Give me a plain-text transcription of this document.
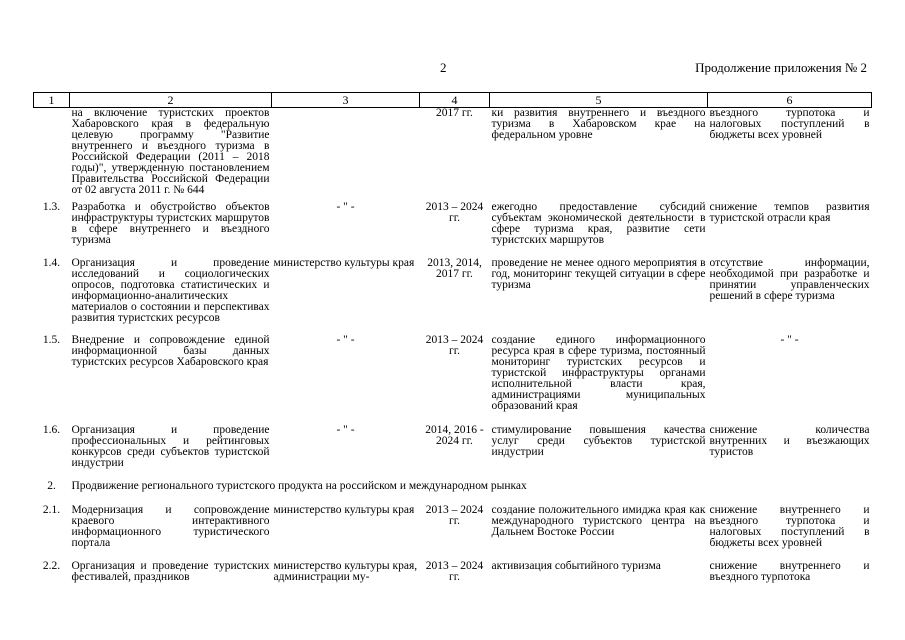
2	Продолжение приложения № 2
1	2	3	4	5	6
	на включение туристских проектов Хабаровского края в федеральную целевую программу "Развитие внутреннего и въездного туризма в Российской Федерации (2011 – 2018 годы)", утвержденную постановлением Правительства Российской Федерации от 02 августа 2011 г. № 644		2017 гг.	ки развития внутреннего и въездного туризма в Хабаровском крае на федеральном уровне	въездного турпотока и налоговых поступлений в бюджеты всех уровней
1.3.	Разработка и обустройство объектов инфраструктуры туристских маршрутов в сфере внутреннего и въездного туризма	- " -	2013 – 2024 гг.	ежегодно предоставление субсидий субъектам экономической деятельности в сфере туризма края, развитие сети туристских маршрутов	снижение темпов развития туристской отрасли края
1.4.	Организация и проведение исследований и социологических опросов, подготовка статистических и информационно-аналитических материалов о состоянии и перспективах развития туристских ресурсов	министерство культуры края	2013, 2014, 2017 гг.	проведение не менее одного мероприятия в год, мониторинг текущей ситуации в сфере туризма	отсутствие информации, необходимой при разработке и принятии управленческих решений в сфере туризма
1.5.	Внедрение и сопровождение единой информационной базы данных туристских ресурсов Хабаровского края	- " -	2013 – 2024 гг.	создание единого информационного ресурса края в сфере туризма, постоянный мониторинг туристских ресурсов и туристской инфраструктуры органами исполнительной власти края, администрациями муниципальных образований края	- " -
1.6.	Организация и проведение профессиональных и рейтинговых конкурсов среди субъектов туристской индустрии	- " -	2014, 2016 - 2024 гг.	стимулирование повышения качества услуг среди субъектов туристской индустрии	снижение количества внутренних и въезжающих туристов
2.	Продвижение регионального туристского продукта на российском и международном рынках				
2.1.	Модернизация и сопровождение краевого интерактивного информационного туристического портала	министерство культуры края	2013 – 2024 гг.	создание положительного имиджа края как международного туристского центра на Дальнем Востоке России	снижение внутреннего и въездного турпотока и налоговых поступлений в бюджеты всех уровней
2.2.	Организация и проведение туристских фестивалей, праздников	министерство культуры края, администрации му-	2013 – 2024 гг.	активизация событийного туризма	снижение внутреннего и въездного турпотока
